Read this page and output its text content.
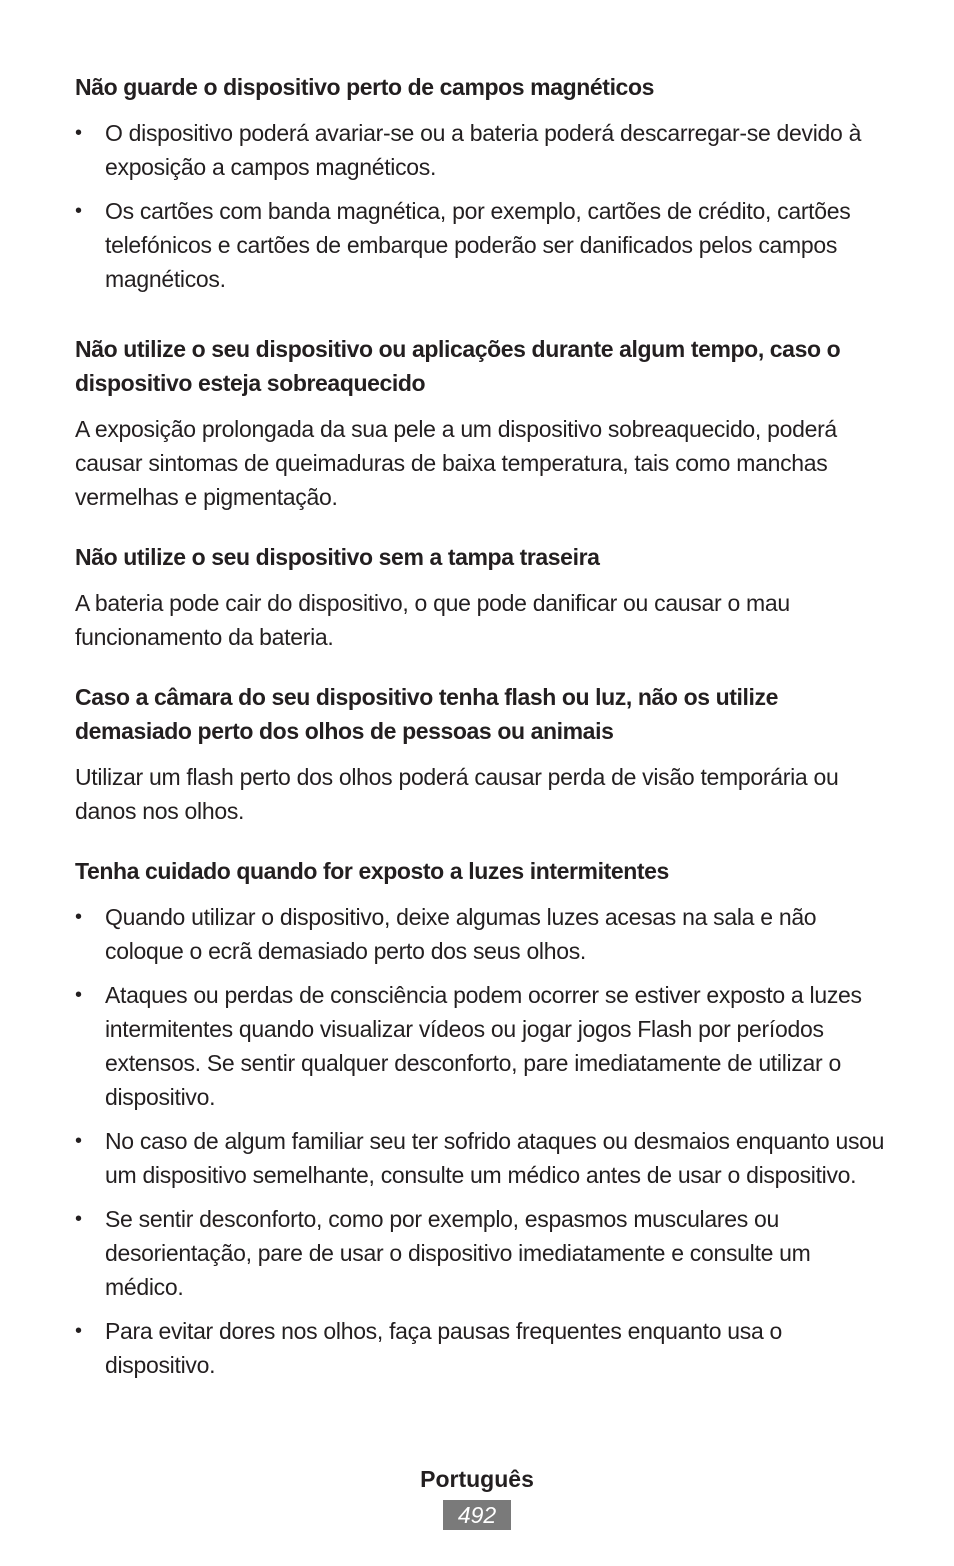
Não guarde o dispositivo perto de campos magnéticos
•	O dispositivo poderá avariar-se ou a bateria poderá descarregar-se devido à exposição a campos magnéticos.
•	Os cartões com banda magnética, por exemplo, cartões de crédito, cartões telefónicos e cartões de embarque poderão ser danificados pelos campos magnéticos.
Não utilize o seu dispositivo ou aplicações durante algum tempo, caso o dispositivo esteja sobreaquecido

A exposição prolongada da sua pele a um dispositivo sobreaquecido, poderá causar sintomas de queimaduras de baixa temperatura, tais como manchas vermelhas e pigmentação.

Não utilize o seu dispositivo sem a tampa traseira

A bateria pode cair do dispositivo, o que pode danificar ou causar o mau funcionamento da bateria.

Caso a câmara do seu dispositivo tenha flash ou luz, não os utilize demasiado perto dos olhos de pessoas ou animais

Utilizar um flash perto dos olhos poderá causar perda de visão temporária ou danos nos olhos.

Tenha cuidado quando for exposto a luzes intermitentes
•	Quando utilizar o dispositivo, deixe algumas luzes acesas na sala e não coloque o ecrã demasiado perto dos seus olhos.
•	Ataques ou perdas de consciência podem ocorrer se estiver exposto a luzes intermitentes quando visualizar vídeos ou jogar jogos Flash por períodos extensos. Se sentir qualquer desconforto, pare imediatamente de utilizar o dispositivo.
•	No caso de algum familiar seu ter sofrido ataques ou desmaios enquanto usou um dispositivo semelhante, consulte um médico antes de usar o dispositivo.
•	Se sentir desconforto, como por exemplo, espasmos musculares ou desorientação, pare de usar o dispositivo imediatamente e consulte um médico.
•	Para evitar dores nos olhos, faça pausas frequentes enquanto usa o dispositivo.
Português
492
